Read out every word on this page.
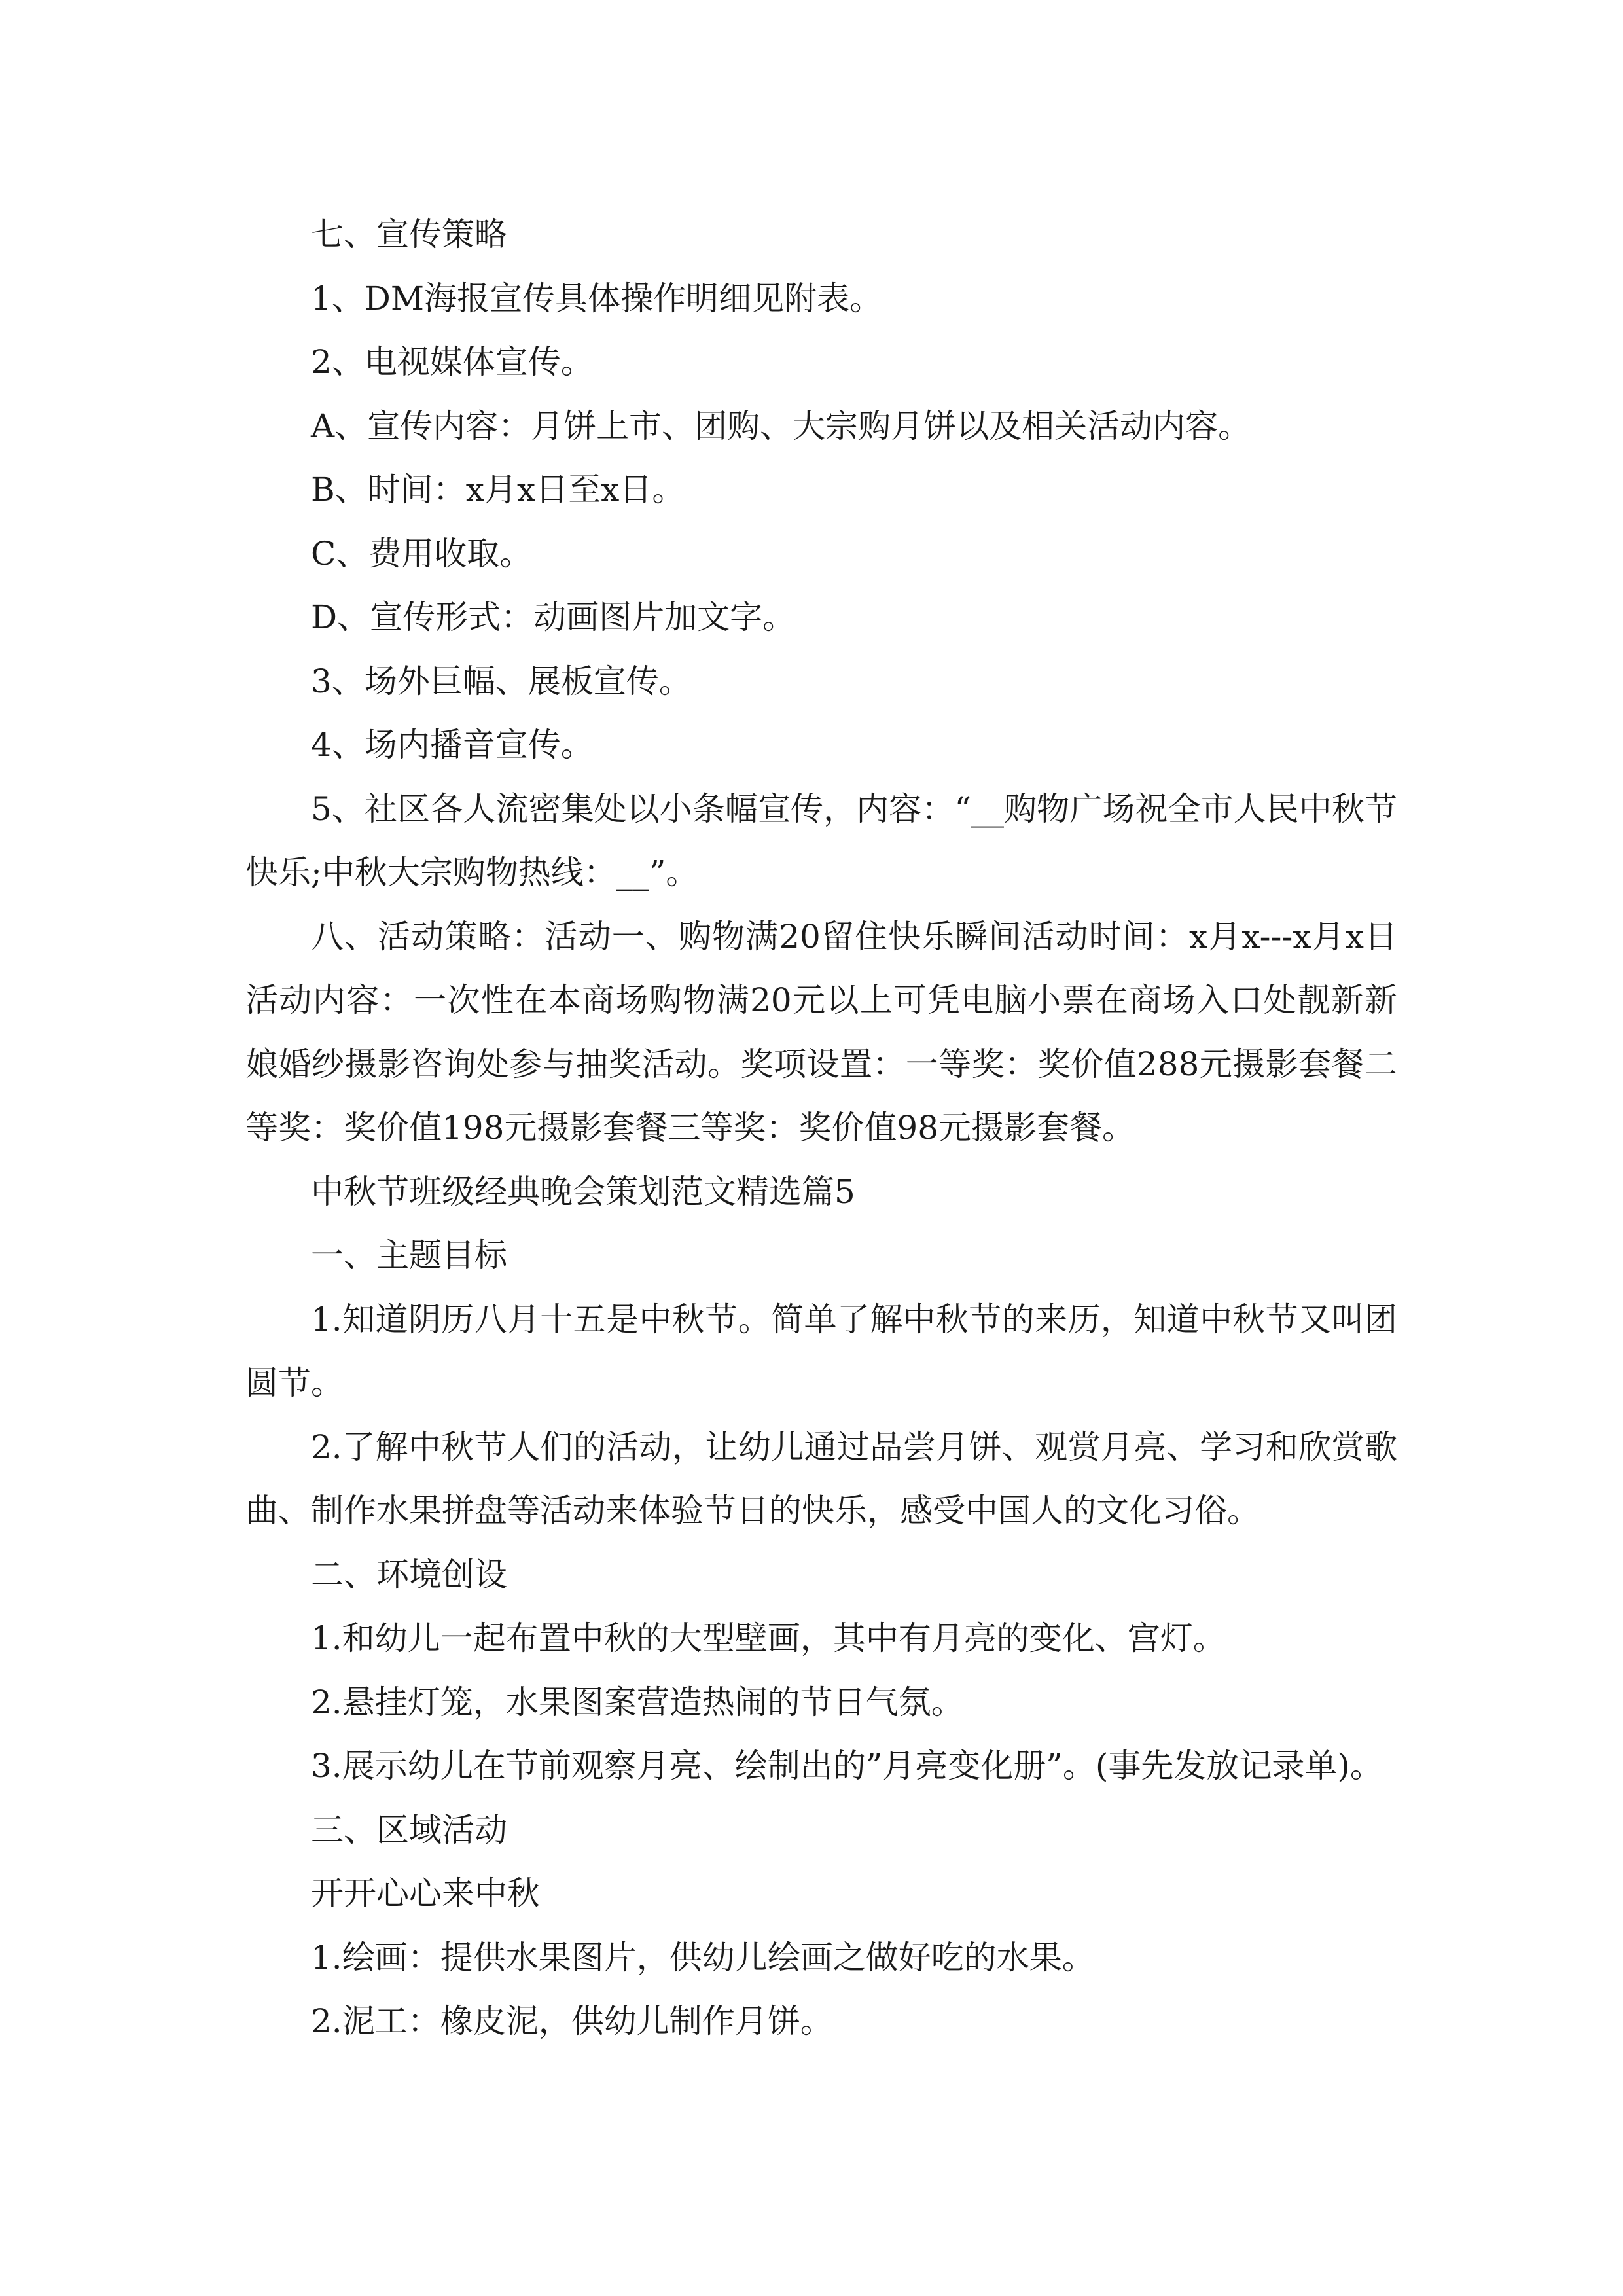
七、宣传策略

1、DM海报宣传具体操作明细见附表。

2、电视媒体宣传。

A、宣传内容：月饼上市、团购、大宗购月饼以及相关活动内容。

B、时间：x月x日至x日。

C、费用收取。

D、宣传形式：动画图片加文字。

3、场外巨幅、展板宣传。

4、场内播音宣传。

5、社区各人流密集处以小条幅宣传，内容：“__购物广场祝全市人民中秋节快乐;中秋大宗购物热线：__”。

八、活动策略：活动一、购物满20留住快乐瞬间活动时间：x月x---x月x日活动内容：一次性在本商场购物满20元以上可凭电脑小票在商场入口处靓新新娘婚纱摄影咨询处参与抽奖活动。奖项设置：一等奖：奖价值288元摄影套餐二等奖：奖价值198元摄影套餐三等奖：奖价值98元摄影套餐。

中秋节班级经典晚会策划范文精选篇5

一、主题目标

1.知道阴历八月十五是中秋节。简单了解中秋节的来历，知道中秋节又叫团圆节。

2.了解中秋节人们的活动，让幼儿通过品尝月饼、观赏月亮、学习和欣赏歌曲、制作水果拼盘等活动来体验节日的快乐，感受中国人的文化习俗。

二、环境创设

1.和幼儿一起布置中秋的大型壁画，其中有月亮的变化、宫灯。

2.悬挂灯笼，水果图案营造热闹的节日气氛。

3.展示幼儿在节前观察月亮、绘制出的”月亮变化册”。(事先发放记录单)。

三、区域活动

开开心心来中秋

1.绘画：提供水果图片，供幼儿绘画之做好吃的水果。

2.泥工：橡皮泥，供幼儿制作月饼。
